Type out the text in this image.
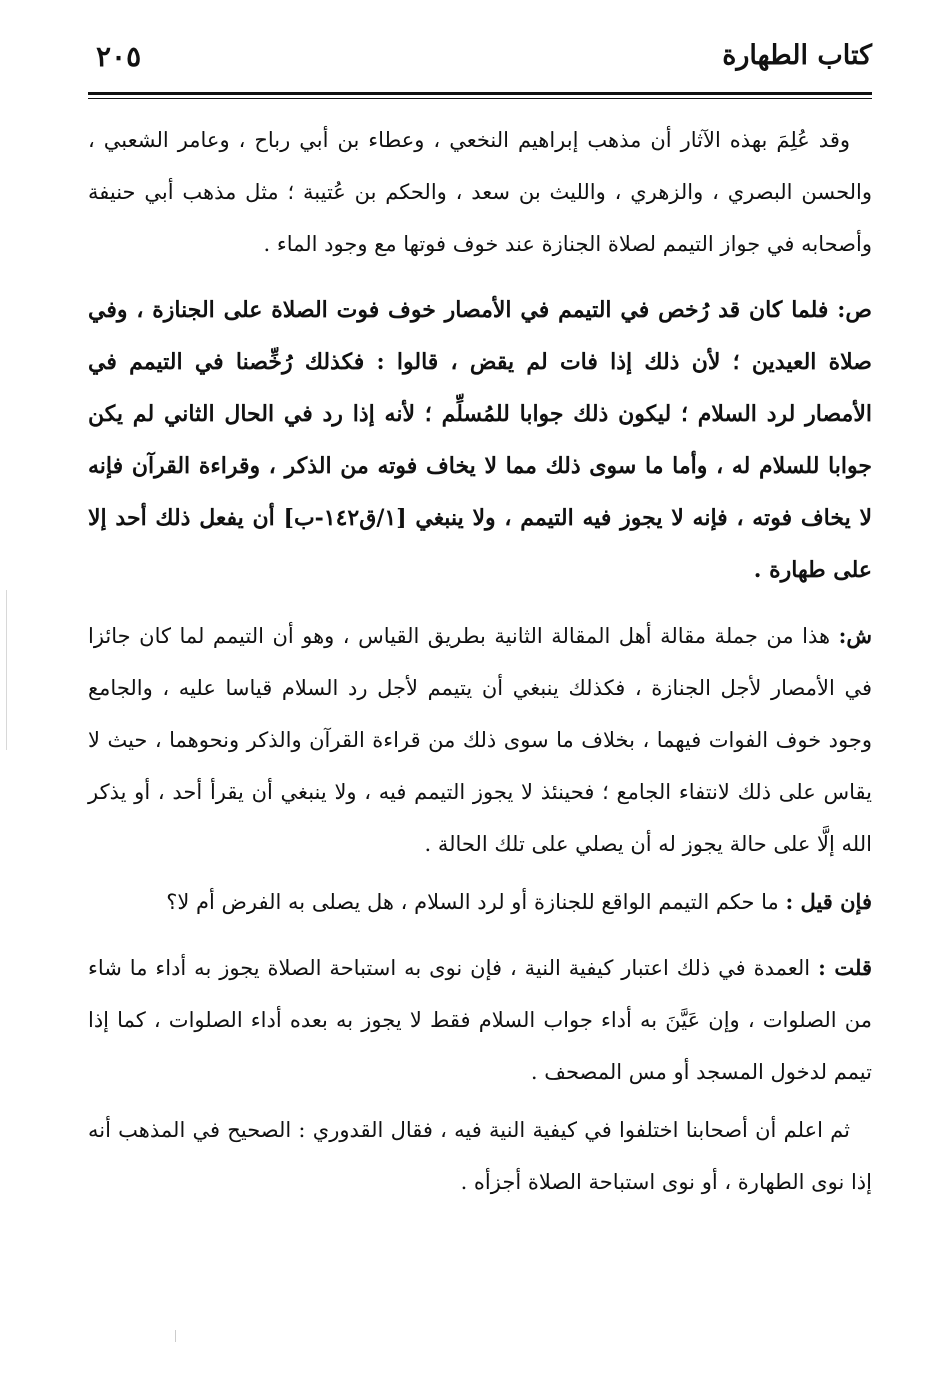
كتاب الطهارة
٢٠٥

وقد عُلِمَ بهذه الآثار أن مذهب إبراهيم النخعي ، وعطاء بن أبي رباح ، وعامر الشعبي ، والحسن البصري ، والزهري ، والليث بن سعد ، والحكم بن عُتيبة ؛ مثل مذهب أبي حنيفة وأصحابه في جواز التيمم لصلاة الجنازة عند خوف فوتها مع وجود الماء .

ص: فلما كان قد رُخص في التيمم في الأمصار خوف فوت الصلاة على الجنازة ، وفي صلاة العيدين ؛ لأن ذلك إذا فات لم يقض ، قالوا : فكذلك رُخِّصنا في التيمم في الأمصار لرد السلام ؛ ليكون ذلك جوابا للمُسلِّم ؛ لأنه إذا رد في الحال الثاني لم يكن جوابا للسلام له ، وأما ما سوى ذلك مما لا يخاف فوته من الذكر ، وقراءة القرآن فإنه لا يخاف فوته ، فإنه لا يجوز فيه التيمم ، ولا ينبغي [١/ق١٤٢-ب] أن يفعل ذلك أحد إلا على طهارة .

ش: هذا من جملة مقالة أهل المقالة الثانية بطريق القياس ، وهو أن التيمم لما كان جائزا في الأمصار لأجل الجنازة ، فكذلك ينبغي أن يتيمم لأجل رد السلام قياسا عليه ، والجامع وجود خوف الفوات فيهما ، بخلاف ما سوى ذلك من قراءة القرآن والذكر ونحوهما ، حيث لا يقاس على ذلك لانتفاء الجامع ؛ فحينئذ لا يجوز التيمم فيه ، ولا ينبغي أن يقرأ أحد ، أو يذكر الله إلَّا على حالة يجوز له أن يصلي على تلك الحالة .

فإن قيل : ما حكم التيمم الواقع للجنازة أو لرد السلام ، هل يصلى به الفرض أم لا؟

قلت : العمدة في ذلك اعتبار كيفية النية ، فإن نوى به استباحة الصلاة يجوز به أداء ما شاء من الصلوات ، وإن عَيَّنَ به أداء جواب السلام فقط لا يجوز به بعده أداء الصلوات ، كما إذا تيمم لدخول المسجد أو مس المصحف .

ثم اعلم أن أصحابنا اختلفوا في كيفية النية فيه ، فقال القدوري : الصحيح في المذهب أنه إذا نوى الطهارة ، أو نوى استباحة الصلاة أجزأه .
